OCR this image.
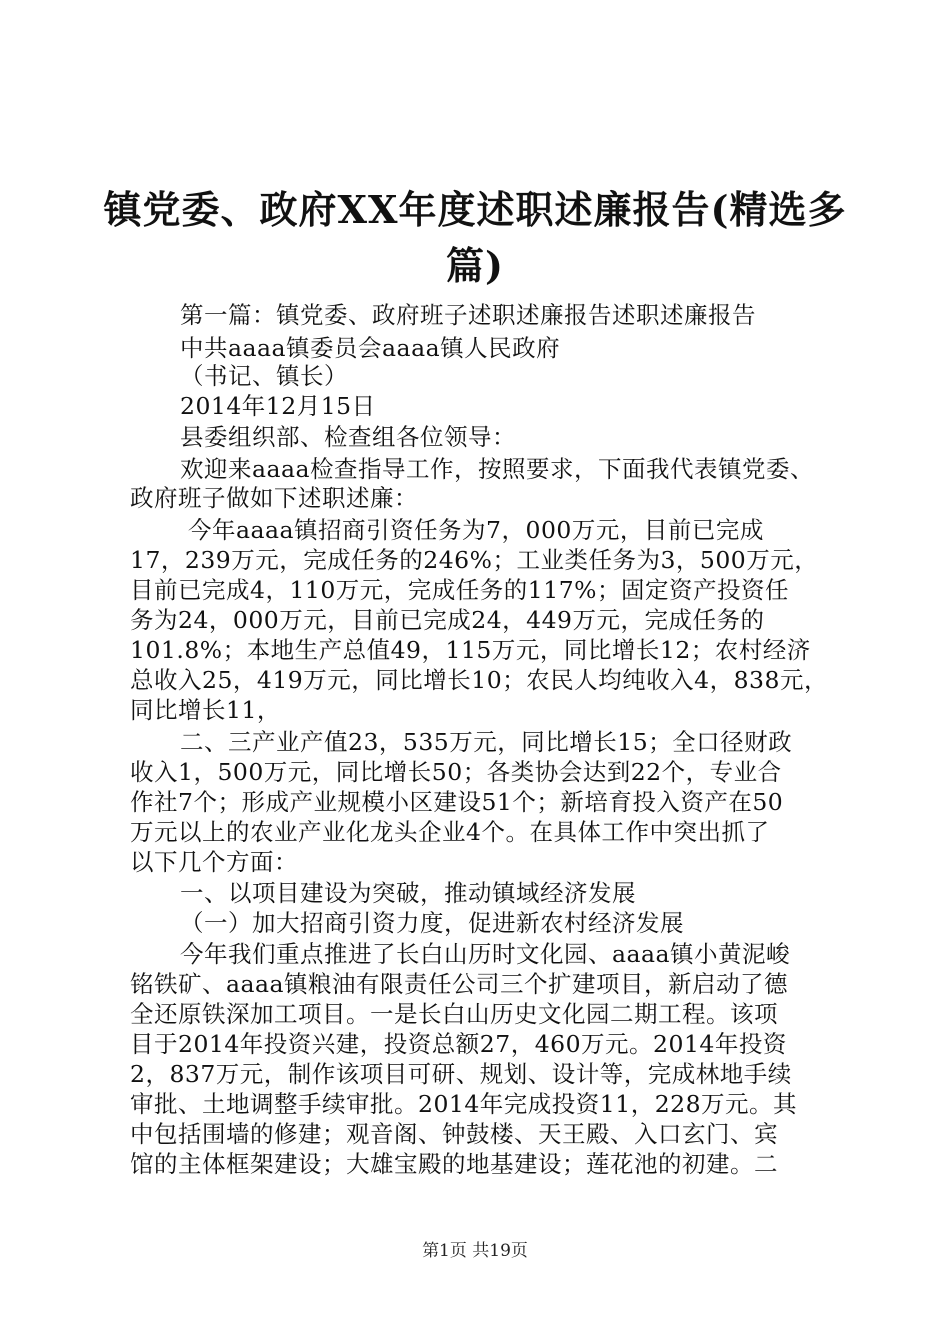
镇党委、政府XX年度述职述廉报告(精选多
篇)
第一篇：镇党委、政府班子述职述廉报告述职述廉报告
中共aaaa镇委员会aaaa镇人民政府
（书记、镇长）
2014年12月15日
县委组织部、检查组各位领导：
欢迎来aaaa检查指导工作，按照要求，下面我代表镇党委、
政府班子做如下述职述廉：
今年aaaa镇招商引资任务为7，000万元，目前已完成
17，239万元，完成任务的246%；工业类任务为3，500万元，
目前已完成4，110万元，完成任务的117%；固定资产投资任
务为24，000万元，目前已完成24，449万元，完成任务的
101.8%；本地生产总值49，115万元，同比增长12；农村经济
总收入25，419万元，同比增长10；农民人均纯收入4，838元，
同比增长11，
二、三产业产值23，535万元，同比增长15；全口径财政
收入1，500万元，同比增长50；各类协会达到22个，专业合
作社7个；形成产业规模小区建设51个；新培育投入资产在50
万元以上的农业产业化龙头企业4个。在具体工作中突出抓了
以下几个方面：
一、以项目建设为突破，推动镇域经济发展
（一）加大招商引资力度，促进新农村经济发展
今年我们重点推进了长白山历时文化园、aaaa镇小黄泥峻
铭铁矿、aaaa镇粮油有限责任公司三个扩建项目，新启动了德
全还原铁深加工项目。一是长白山历史文化园二期工程。该项
目于2014年投资兴建，投资总额27，460万元。2014年投资
2，837万元，制作该项目可研、规划、设计等，完成林地手续
审批、土地调整手续审批。2014年完成投资11，228万元。其
中包括围墙的修建；观音阁、钟鼓楼、天王殿、入口玄门、宾
馆的主体框架建设；大雄宝殿的地基建设；莲花池的初建。二
第1页 共19页
